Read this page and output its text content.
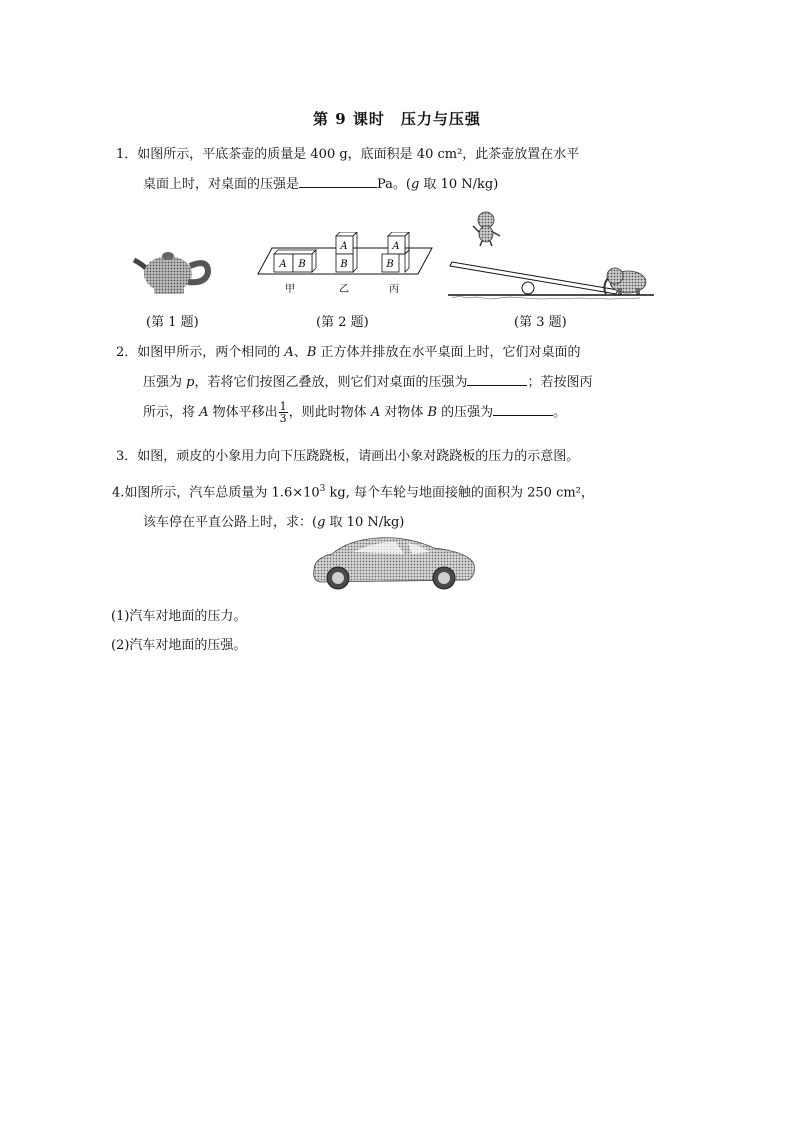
第 9 课时　压力与压强
1．如图所示，平底茶壶的质量是 400 g，底面积是 40 cm²，此茶壶放置在水平
桌面上时，对桌面的压强是	Pa。(g 取 10 N/kg)
A B
A
B
A
B
甲	乙	丙
(第 1 题)	(第 2 题)	(第 3 题)
2．如图甲所示，两个相同的 A、B 正方体并排放在水平桌面上时，它们对桌面的
压强为 p，若将它们按图乙叠放，则它们对桌面的压强为	；若按图丙
所示，将 A 物体平移出 $\frac{1}{3}$ ，则此时物体 A 对物体 B 的压强为	。
3．如图，顽皮的小象用力向下压跷跷板，请画出小象对跷跷板的压力的示意图。
4.如图所示，汽车总质量为 $1.6\times 10^3$ kg, 每个车轮与地面接触的面积为 250 cm²，
该车停在平直公路上时，求：(g 取 10 N/kg)
(1)汽车对地面的压力。
(2)汽车对地面的压强。
